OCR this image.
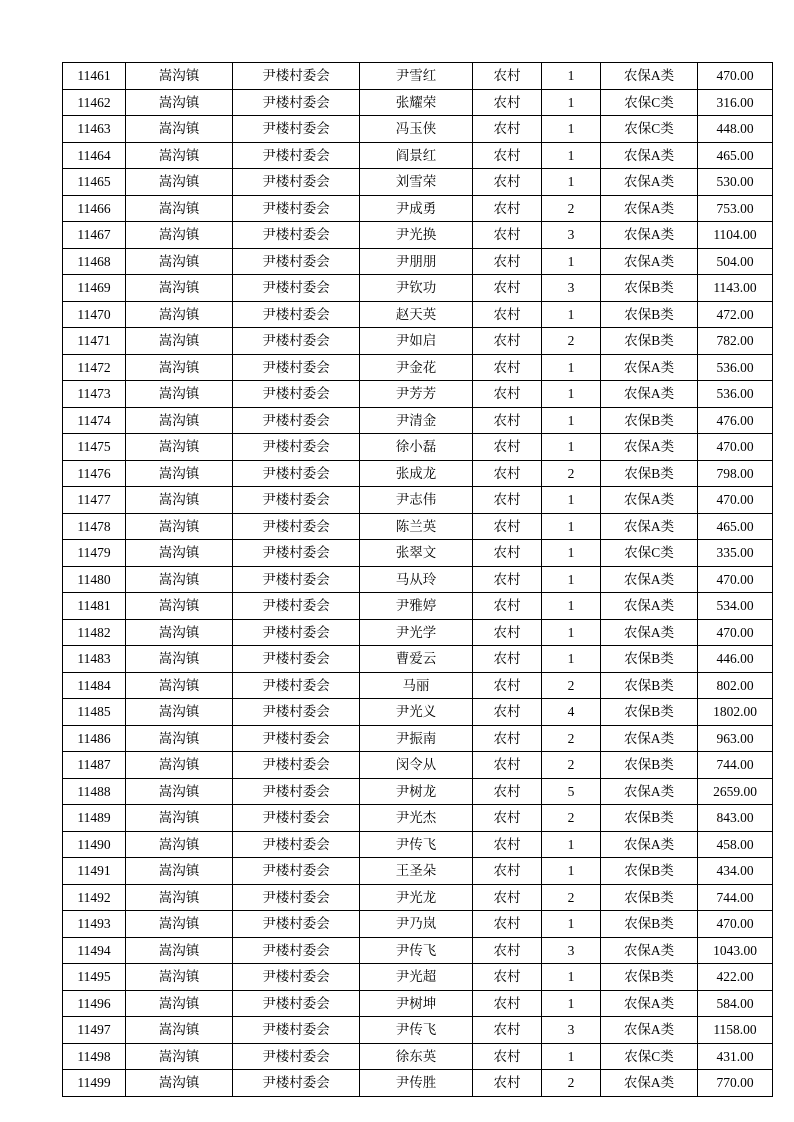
11461	嵩沟镇	尹楼村委会	尹雪红	农村	1	农保A类	470.00
11462	嵩沟镇	尹楼村委会	张耀荣	农村	1	农保C类	316.00
11463	嵩沟镇	尹楼村委会	冯玉侠	农村	1	农保C类	448.00
11464	嵩沟镇	尹楼村委会	阎景红	农村	1	农保A类	465.00
11465	嵩沟镇	尹楼村委会	刘雪荣	农村	1	农保A类	530.00
11466	嵩沟镇	尹楼村委会	尹成勇	农村	2	农保A类	753.00
11467	嵩沟镇	尹楼村委会	尹光换	农村	3	农保A类	1104.00
11468	嵩沟镇	尹楼村委会	尹朋朋	农村	1	农保A类	504.00
11469	嵩沟镇	尹楼村委会	尹钦功	农村	3	农保B类	1143.00
11470	嵩沟镇	尹楼村委会	赵天英	农村	1	农保B类	472.00
11471	嵩沟镇	尹楼村委会	尹如启	农村	2	农保B类	782.00
11472	嵩沟镇	尹楼村委会	尹金花	农村	1	农保A类	536.00
11473	嵩沟镇	尹楼村委会	尹芳芳	农村	1	农保A类	536.00
11474	嵩沟镇	尹楼村委会	尹清金	农村	1	农保B类	476.00
11475	嵩沟镇	尹楼村委会	徐小磊	农村	1	农保A类	470.00
11476	嵩沟镇	尹楼村委会	张成龙	农村	2	农保B类	798.00
11477	嵩沟镇	尹楼村委会	尹志伟	农村	1	农保A类	470.00
11478	嵩沟镇	尹楼村委会	陈兰英	农村	1	农保A类	465.00
11479	嵩沟镇	尹楼村委会	张翠文	农村	1	农保C类	335.00
11480	嵩沟镇	尹楼村委会	马从玲	农村	1	农保A类	470.00
11481	嵩沟镇	尹楼村委会	尹雅婷	农村	1	农保A类	534.00
11482	嵩沟镇	尹楼村委会	尹光学	农村	1	农保A类	470.00
11483	嵩沟镇	尹楼村委会	曹爱云	农村	1	农保B类	446.00
11484	嵩沟镇	尹楼村委会	马丽	农村	2	农保B类	802.00
11485	嵩沟镇	尹楼村委会	尹光义	农村	4	农保B类	1802.00
11486	嵩沟镇	尹楼村委会	尹振南	农村	2	农保A类	963.00
11487	嵩沟镇	尹楼村委会	闵令从	农村	2	农保B类	744.00
11488	嵩沟镇	尹楼村委会	尹树龙	农村	5	农保A类	2659.00
11489	嵩沟镇	尹楼村委会	尹光杰	农村	2	农保B类	843.00
11490	嵩沟镇	尹楼村委会	尹传飞	农村	1	农保A类	458.00
11491	嵩沟镇	尹楼村委会	王圣朵	农村	1	农保B类	434.00
11492	嵩沟镇	尹楼村委会	尹光龙	农村	2	农保B类	744.00
11493	嵩沟镇	尹楼村委会	尹乃岚	农村	1	农保B类	470.00
11494	嵩沟镇	尹楼村委会	尹传飞	农村	3	农保A类	1043.00
11495	嵩沟镇	尹楼村委会	尹光超	农村	1	农保B类	422.00
11496	嵩沟镇	尹楼村委会	尹树坤	农村	1	农保A类	584.00
11497	嵩沟镇	尹楼村委会	尹传飞	农村	3	农保A类	1158.00
11498	嵩沟镇	尹楼村委会	徐东英	农村	1	农保C类	431.00
11499	嵩沟镇	尹楼村委会	尹传胜	农村	2	农保A类	770.00
